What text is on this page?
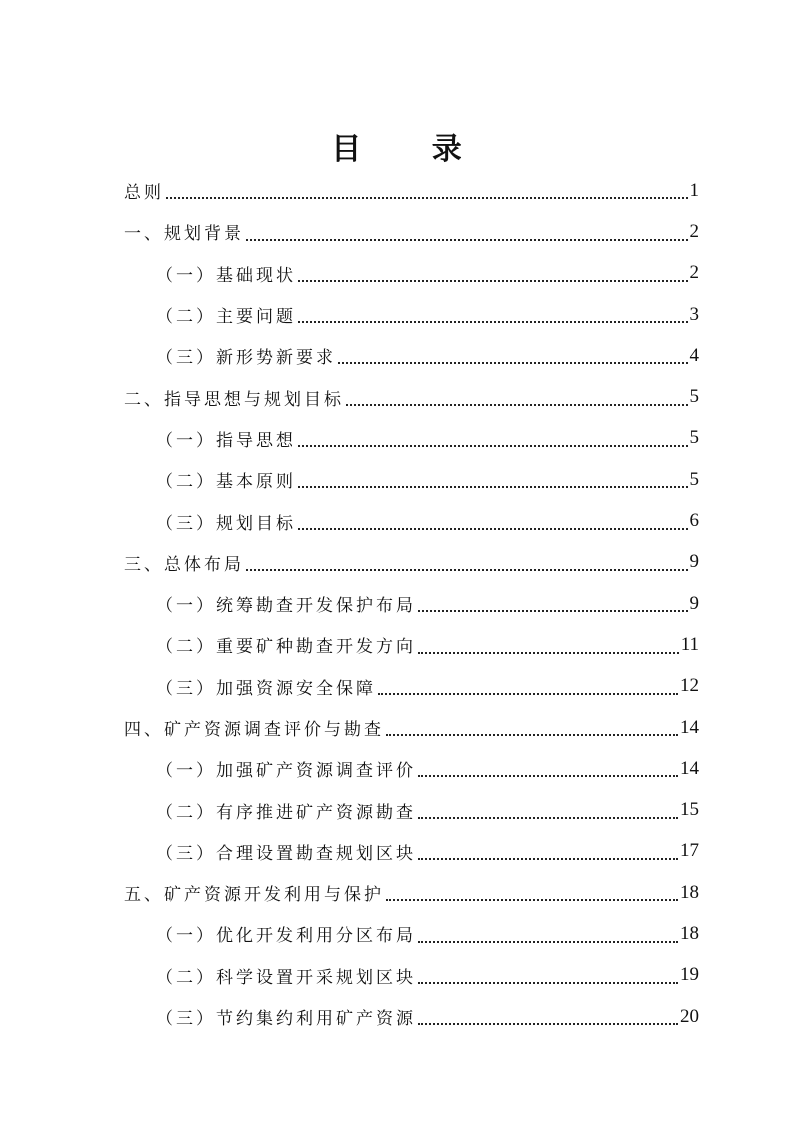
目 录
总则	1
一、规划背景	2
（一）基础现状	2
（二）主要问题	3
（三）新形势新要求	4
二、指导思想与规划目标	5
（一）指导思想	5
（二）基本原则	5
（三）规划目标	6
三、总体布局	9
（一）统筹勘查开发保护布局	9
（二）重要矿种勘查开发方向	11
（三）加强资源安全保障	12
四、矿产资源调查评价与勘查	14
（一）加强矿产资源调查评价	14
（二）有序推进矿产资源勘查	15
（三）合理设置勘查规划区块	17
五、矿产资源开发利用与保护	18
（一）优化开发利用分区布局	18
（二）科学设置开采规划区块	19
（三）节约集约利用矿产资源	20
